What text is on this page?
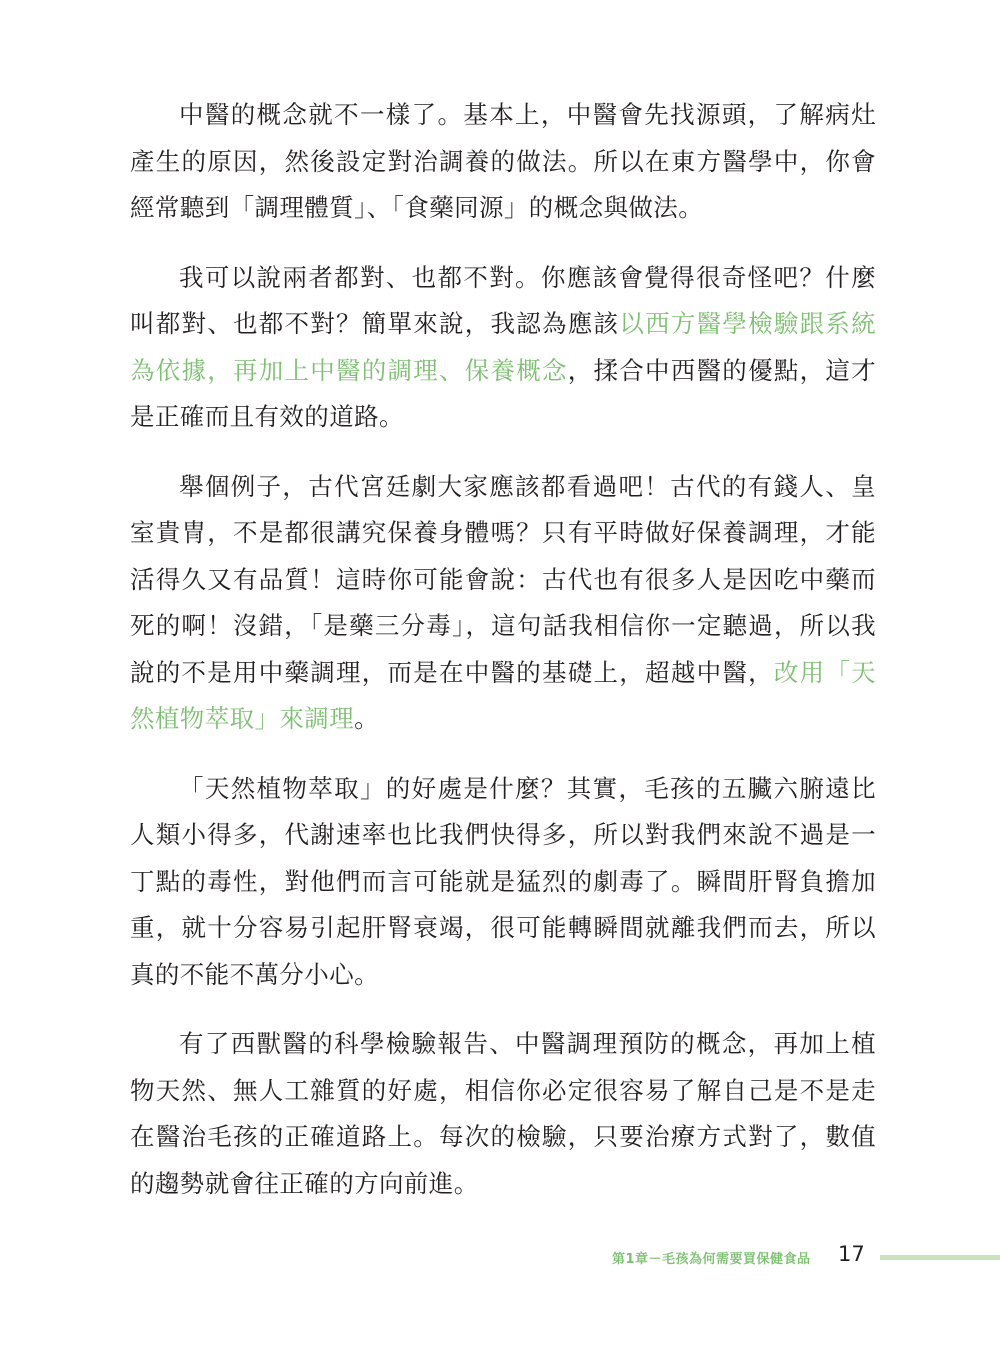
中醫的概念就不一樣了。基本上，中醫會先找源頭，了解病灶產生的原因，然後設定對治調養的做法。所以在東方醫學中，你會經常聽到「調理體質」、「食藥同源」的概念與做法。

我可以說兩者都對、也都不對。你應該會覺得很奇怪吧？什麼叫都對、也都不對？簡單來說，我認為應該以西方醫學檢驗跟系統為依據，再加上中醫的調理、保養概念，揉合中西醫的優點，這才是正確而且有效的道路。

舉個例子，古代宮廷劇大家應該都看過吧！古代的有錢人、皇室貴冑，不是都很講究保養身體嗎？只有平時做好保養調理，才能活得久又有品質！這時你可能會說：古代也有很多人是因吃中藥而死的啊！沒錯，「是藥三分毒」，這句話我相信你一定聽過，所以我說的不是用中藥調理，而是在中醫的基礎上，超越中醫，改用「天然植物萃取」來調理。

「天然植物萃取」的好處是什麼？其實，毛孩的五臟六腑遠比人類小得多，代謝速率也比我們快得多，所以對我們來說不過是一丁點的毒性，對他們而言可能就是猛烈的劇毒了。瞬間肝腎負擔加重，就十分容易引起肝腎衰竭，很可能轉瞬間就離我們而去，所以真的不能不萬分小心。

有了西獸醫的科學檢驗報告、中醫調理預防的概念，再加上植物天然、無人工雜質的好處，相信你必定很容易了解自己是不是走在醫治毛孩的正確道路上。每次的檢驗，只要治療方式對了，數值的趨勢就會往正確的方向前進。

第1章－毛孩為何需要買保健食品 17
